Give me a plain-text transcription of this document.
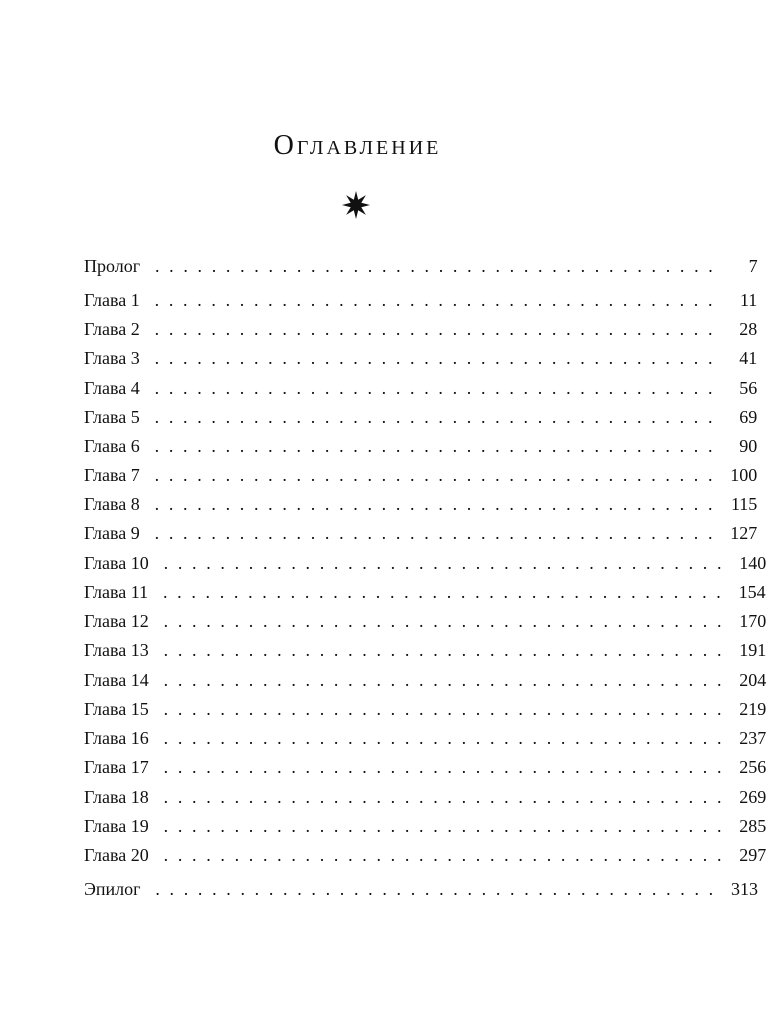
Оглавление
Пролог . . . . . . . . . . . . . . . . . . . . . . . . . . . . . . . . . . . . . . . .	7
Глава 1 . . . . . . . . . . . . . . . . . . . . . . . . . . . . . . . . . . . . . . . .	11
Глава 2 . . . . . . . . . . . . . . . . . . . . . . . . . . . . . . . . . . . . . . . .	28
Глава 3 . . . . . . . . . . . . . . . . . . . . . . . . . . . . . . . . . . . . . . . .	41
Глава 4 . . . . . . . . . . . . . . . . . . . . . . . . . . . . . . . . . . . . . . . .	56
Глава 5 . . . . . . . . . . . . . . . . . . . . . . . . . . . . . . . . . . . . . . . .	69
Глава 6 . . . . . . . . . . . . . . . . . . . . . . . . . . . . . . . . . . . . . . . .	90
Глава 7 . . . . . . . . . . . . . . . . . . . . . . . . . . . . . . . . . . . . . . . . 100
Глава 8 . . . . . . . . . . . . . . . . . . . . . . . . . . . . . . . . . . . . . . . .	115
Глава 9 . . . . . . . . . . . . . . . . . . . . . . . . . . . . . . . . . . . . . . . . 127
Глава 10 . . . . . . . . . . . . . . . . . . . . . . . . . . . . . . . . . . . . . . . . 140
Глава 11 . . . . . . . . . . . . . . . . . . . . . . . . . . . . . . . . . . . . . . . . 154
Глава 12 . . . . . . . . . . . . . . . . . . . . . . . . . . . . . . . . . . . . . . . . 170
Глава 13 . . . . . . . . . . . . . . . . . . . . . . . . . . . . . . . . . . . . . . . . 191
Глава 14 . . . . . . . . . . . . . . . . . . . . . . . . . . . . . . . . . . . . . . . . 204
Глава 15 . . . . . . . . . . . . . . . . . . . . . . . . . . . . . . . . . . . . . . . . 219
Глава 16 . . . . . . . . . . . . . . . . . . . . . . . . . . . . . . . . . . . . . . . . 237
Глава 17 . . . . . . . . . . . . . . . . . . . . . . . . . . . . . . . . . . . . . . . . 256
Глава 18 . . . . . . . . . . . . . . . . . . . . . . . . . . . . . . . . . . . . . . . . 269
Глава 19 . . . . . . . . . . . . . . . . . . . . . . . . . . . . . . . . . . . . . . . . 285
Глава 20 . . . . . . . . . . . . . . . . . . . . . . . . . . . . . . . . . . . . . . . . 297
Эпилог . . . . . . . . . . . . . . . . . . . . . . . . . . . . . . . . . . . . . . . . 313
